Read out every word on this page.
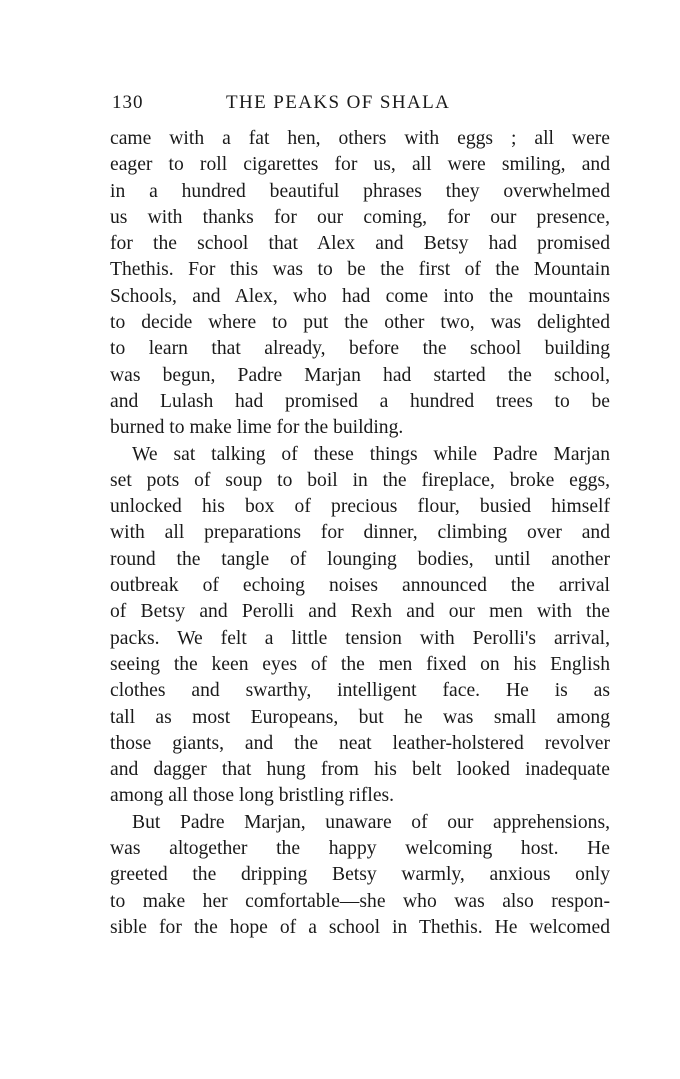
130	THE PEAKS OF SHALA
came with a fat hen, others with eggs ; all were
eager to roll cigarettes for us, all were smiling, and
in a hundred beautiful phrases they overwhelmed
us with thanks for our coming, for our presence,
for the school that Alex and Betsy had promised
Thethis. For this was to be the first of the Mountain
Schools, and Alex, who had come into the mountains
to decide where to put the other two, was delighted
to learn that already, before the school building
was begun, Padre Marjan had started the school,
and Lulash had promised a hundred trees to be
burned to make lime for the building.
We sat talking of these things while Padre Marjan
set pots of soup to boil in the fireplace, broke eggs,
unlocked his box of precious flour, busied himself
with all preparations for dinner, climbing over and
round the tangle of lounging bodies, until another
outbreak of echoing noises announced the arrival
of Betsy and Perolli and Rexh and our men with the
packs. We felt a little tension with Perolli's arrival,
seeing the keen eyes of the men fixed on his English
clothes and swarthy, intelligent face. He is as
tall as most Europeans, but he was small among
those giants, and the neat leather-holstered revolver
and dagger that hung from his belt looked inadequate
among all those long bristling rifles.
But Padre Marjan, unaware of our apprehensions,
was altogether the happy welcoming host. He
greeted the dripping Betsy warmly, anxious only
to make her comfortable—she who was also respon-
sible for the hope of a school in Thethis. He welcomed
